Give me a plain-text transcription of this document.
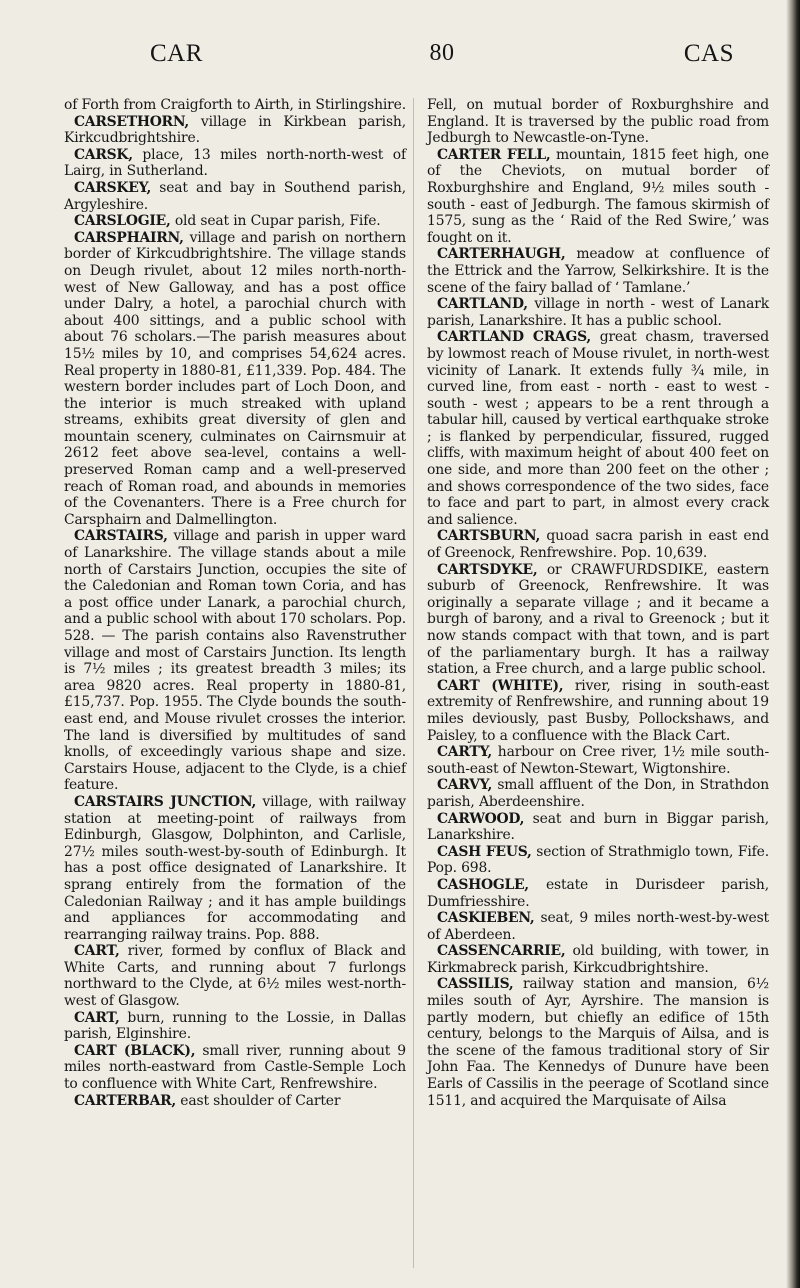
CAR	80	CAS

of Forth from Craigforth to Airth, in Stirlingshire.

CARSETHORN, village in Kirkbean parish, Kirkcudbrightshire.

CARSK, place, 13 miles north-north-west of Lairg, in Sutherland.

CARSKEY, seat and bay in Southend parish, Argyleshire.

CARSLOGIE, old seat in Cupar parish, Fife.

CARSPHAIRN, village and parish on northern border of Kirkcudbrightshire. The village stands on Deugh rivulet, about 12 miles north-north-west of New Galloway, and has a post office under Dalry, a hotel, a parochial church with about 400 sittings, and a public school with about 76 scholars.—The parish measures about 15½ miles by 10, and comprises 54,624 acres. Real property in 1880-81, £11,339. Pop. 484. The western border includes part of Loch Doon, and the interior is much streaked with upland streams, exhibits great diversity of glen and mountain scenery, culminates on Cairnsmuir at 2612 feet above sea-level, contains a well-preserved Roman camp and a well-preserved reach of Roman road, and abounds in memories of the Covenanters. There is a Free church for Carsphairn and Dalmellington.

CARSTAIRS, village and parish in upper ward of Lanarkshire. The village stands about a mile north of Carstairs Junction, occupies the site of the Caledonian and Roman town Coria, and has a post office under Lanark, a parochial church, and a public school with about 170 scholars. Pop. 528. — The parish contains also Ravenstruther village and most of Carstairs Junction. Its length is 7½ miles ; its greatest breadth 3 miles; its area 9820 acres. Real property in 1880-81, £15,737. Pop. 1955. The Clyde bounds the south-east end, and Mouse rivulet crosses the interior. The land is diversified by multitudes of sand knolls, of exceedingly various shape and size. Carstairs House, adjacent to the Clyde, is a chief feature.

CARSTAIRS JUNCTION, village, with railway station at meeting-point of railways from Edinburgh, Glasgow, Dolphinton, and Carlisle, 27½ miles south-west-by-south of Edinburgh. It has a post office designated of Lanarkshire. It sprang entirely from the formation of the Caledonian Railway ; and it has ample buildings and appliances for accommodating and rearranging railway trains. Pop. 888.

CART, river, formed by conflux of Black and White Carts, and running about 7 furlongs northward to the Clyde, at 6½ miles west-north-west of Glasgow.

CART, burn, running to the Lossie, in Dallas parish, Elginshire.

CART (BLACK), small river, running about 9 miles north-eastward from Castle-Semple Loch to confluence with White Cart, Renfrewshire.

CARTERBAR, east shoulder of Carter

Fell, on mutual border of Roxburghshire and England. It is traversed by the public road from Jedburgh to Newcastle-on-Tyne.

CARTER FELL, mountain, 1815 feet high, one of the Cheviots, on mutual border of Roxburghshire and England, 9½ miles south - south - east of Jedburgh. The famous skirmish of 1575, sung as the ‘ Raid of the Red Swire,’ was fought on it.

CARTERHAUGH, meadow at confluence of the Ettrick and the Yarrow, Selkirkshire. It is the scene of the fairy ballad of ‘ Tamlane.’

CARTLAND, village in north - west of Lanark parish, Lanarkshire. It has a public school.

CARTLAND CRAGS, great chasm, traversed by lowmost reach of Mouse rivulet, in north-west vicinity of Lanark. It extends fully ¾ mile, in curved line, from east - north - east to west - south - west ; appears to be a rent through a tabular hill, caused by vertical earthquake stroke ; is flanked by perpendicular, fissured, rugged cliffs, with maximum height of about 400 feet on one side, and more than 200 feet on the other ; and shows correspondence of the two sides, face to face and part to part, in almost every crack and salience.

CARTSBURN, quoad sacra parish in east end of Greenock, Renfrewshire. Pop. 10,639.

CARTSDYKE, or CRAWFURDSDIKE, eastern suburb of Greenock, Renfrewshire. It was originally a separate village ; and it became a burgh of barony, and a rival to Greenock ; but it now stands compact with that town, and is part of the parliamentary burgh. It has a railway station, a Free church, and a large public school.

CART (WHITE), river, rising in south-east extremity of Renfrewshire, and running about 19 miles deviously, past Busby, Pollockshaws, and Paisley, to a confluence with the Black Cart.

CARTY, harbour on Cree river, 1½ mile south-south-east of Newton-Stewart, Wigtonshire.

CARVY, small affluent of the Don, in Strathdon parish, Aberdeenshire.

CARWOOD, seat and burn in Biggar parish, Lanarkshire.

CASH FEUS, section of Strathmiglo town, Fife. Pop. 698.

CASHOGLE, estate in Durisdeer parish, Dumfriesshire.

CASKIEBEN, seat, 9 miles north-west-by-west of Aberdeen.

CASSENCARRIE, old building, with tower, in Kirkmabreck parish, Kirkcudbrightshire.

CASSILIS, railway station and mansion, 6½ miles south of Ayr, Ayrshire. The mansion is partly modern, but chiefly an edifice of 15th century, belongs to the Marquis of Ailsa, and is the scene of the famous traditional story of Sir John Faa. The Kennedys of Dunure have been Earls of Cassilis in the peerage of Scotland since 1511, and acquired the Marquisate of Ailsa
